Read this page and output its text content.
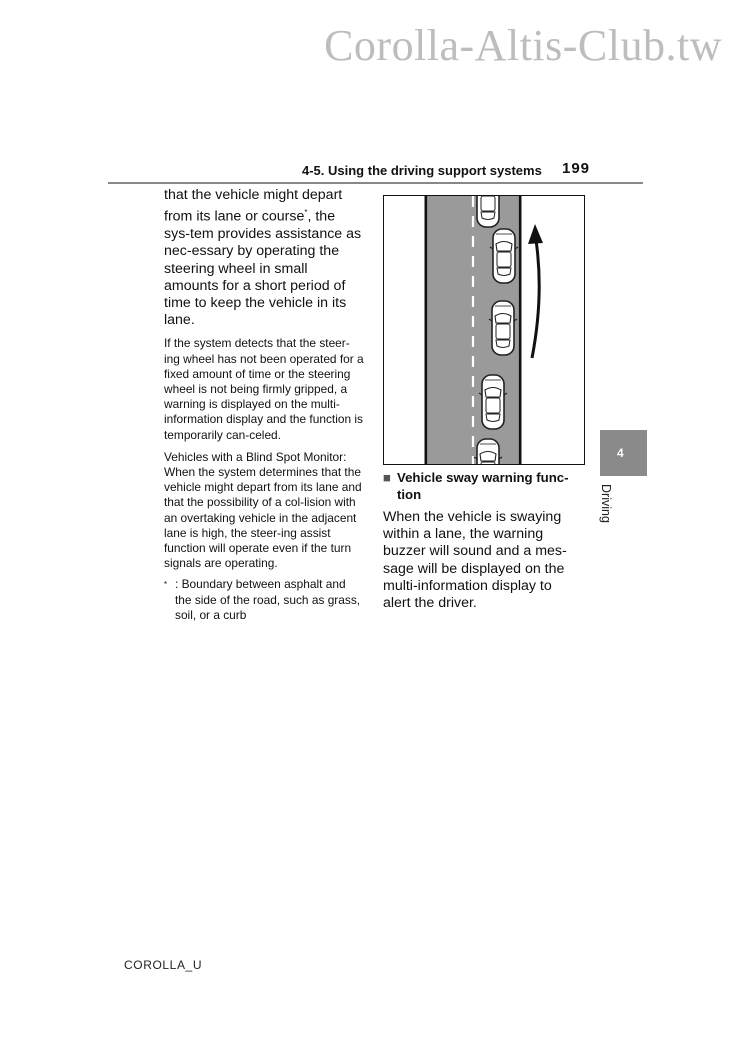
Corolla-Altis-Club.tw
4-5. Using the driving support systems 199

that the vehicle might depart from its lane or course*, the sys-tem provides assistance as nec-essary by operating the steering wheel in small amounts for a short period of time to keep the vehicle in its lane.

If the system detects that the steer-ing wheel has not been operated for a fixed amount of time or the steering wheel is not being firmly gripped, a warning is displayed on the multi-information display and the function is temporarily can-celed.

Vehicles with a Blind Spot Monitor: When the system determines that the vehicle might depart from its lane and that the possibility of a col-lision with an overtaking vehicle in the adjacent lane is high, the steer-ing assist function will operate even if the turn signals are operating.

* : Boundary between asphalt and the side of the road, such as grass, soil, or a curb
■ Vehicle sway warning func-tion

When the vehicle is swaying within a lane, the warning buzzer will sound and a mes-sage will be displayed on the multi-information display to alert the driver.

4
Driving
COROLLA_U
